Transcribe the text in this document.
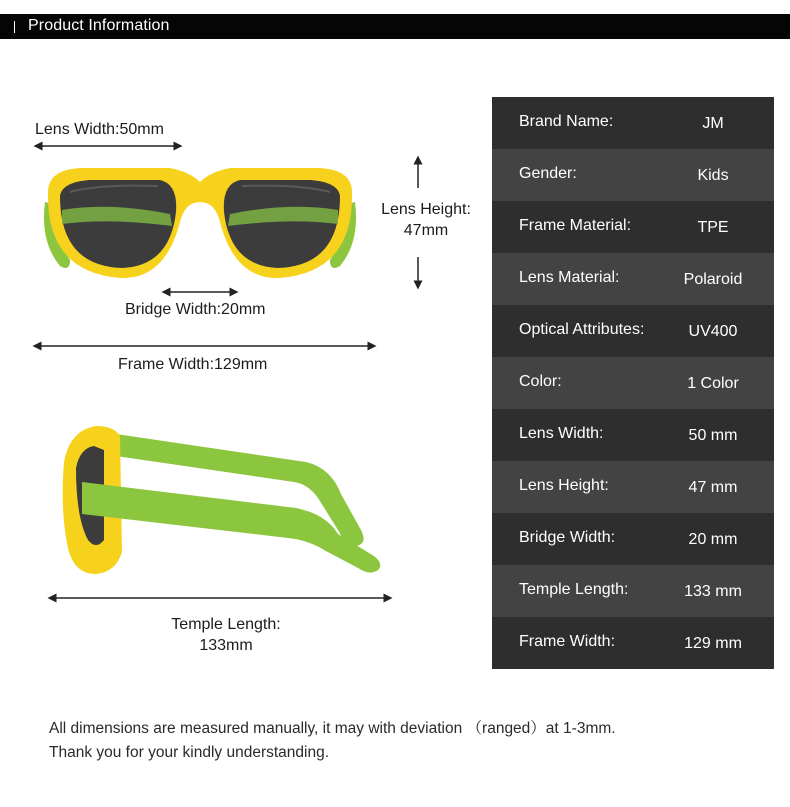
Product Information
Lens Width:50mm
Lens Height:
47mm
Bridge Width:20mm
Frame Width:129mm
Temple Length:
133mm
Brand Name:	JM
Gender:	Kids
Frame Material:	TPE
Lens Material:	Polaroid
Optical Attributes:	UV400
Color:	1 Color
Lens Width:	50 mm
Lens Height:	47 mm
Bridge Width:	20 mm
Temple Length:	133 mm
Frame Width:	129 mm
All dimensions are measured manually, it may with deviation （ranged）at 1-3mm.
Thank you for your kindly understanding.
